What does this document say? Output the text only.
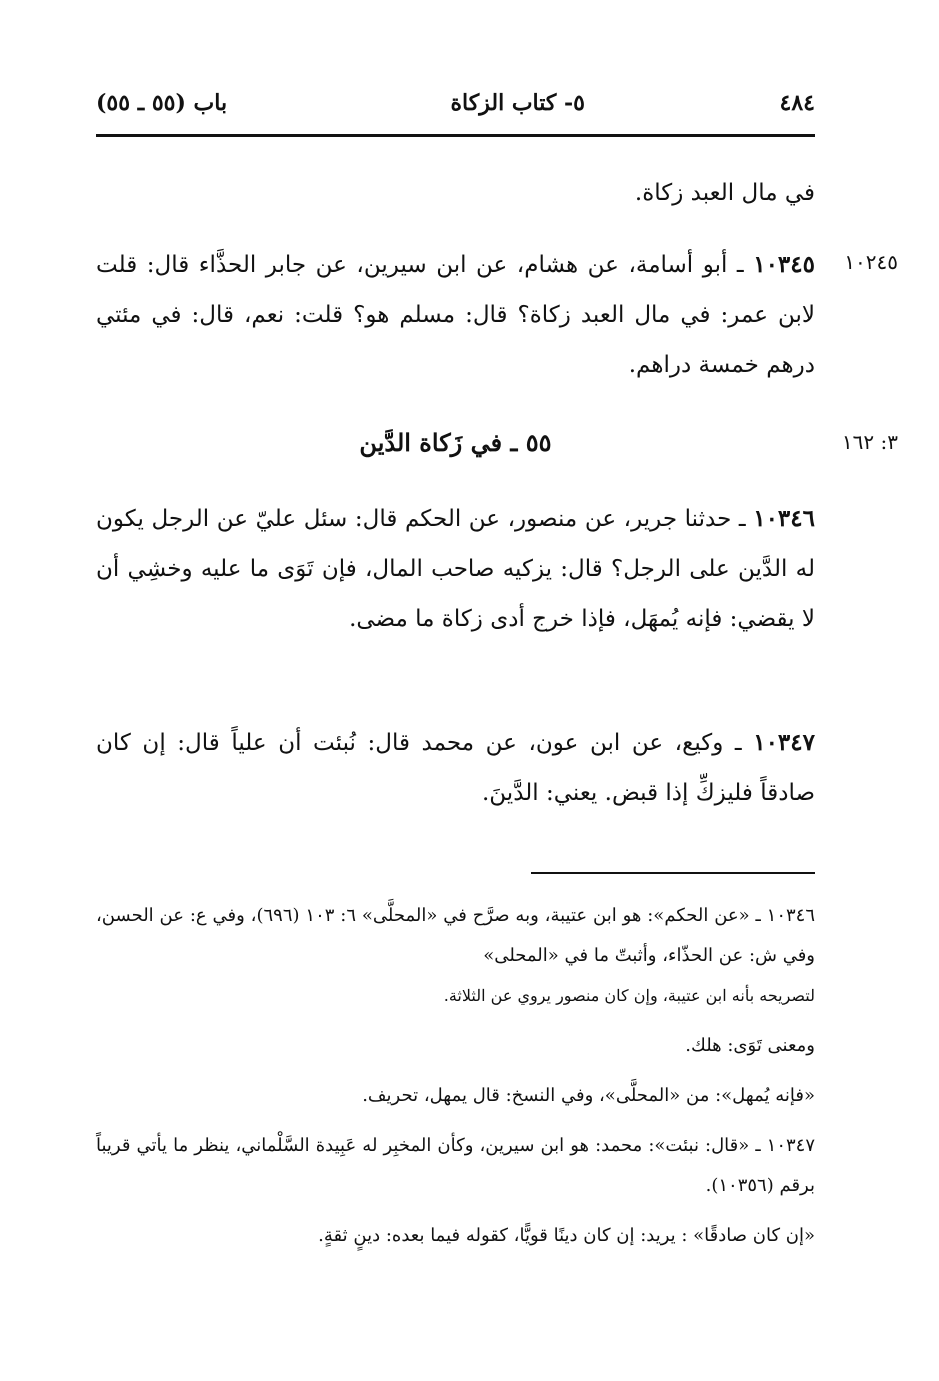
٤٨٤
٥- كتاب الزكاة
باب (٥٥ ـ ٥٥)

في مال العبد زكاة.

١٠٢٤٥

١٠٣٤٥ ـ أبو أسامة، عن هشام، عن ابن سيرين، عن جابر الحذَّاء قال: قلت لابن عمر: في مال العبد زكاة؟ قال: مسلم هو؟ قلت: نعم، قال: في مئتي درهم خمسة دراهم.

٣: ١٦٢
٥٥ ـ في زَكاة الدَّين

١٠٣٤٦ ـ حدثنا جرير، عن منصور، عن الحكم قال: سئل عليّ عن الرجل يكون له الدَّين على الرجل؟ قال: يزكيه صاحب المال، فإن تَوَى ما عليه وخشِي أن لا يقضي: فإنه يُمهَل، فإذا خرج أدى زكاة ما مضى.

١٠٣٤٧ ـ وكيع، عن ابن عون، عن محمد قال: نُبئت أن علياً قال: إن كان صادقاً فليزكِّ إذا قبض. يعني: الدَّينَ.

١٠٣٤٦ ـ «عن الحكم»: هو ابن عتيبة، وبه صرَّح في «المحلَّى» ٦: ١٠٣ (٦٩٦)، وفي ع: عن الحسن، وفي ش: عن الحذّاء، وأثبتّ ما في «المحلى»

لتصريحه بأنه ابن عتيبة، وإن كان منصور يروي عن الثلاثة.

ومعنى تَوَى: هلك.

«فإنه يُمهل»: من «المحلَّى»، وفي النسخ: قال يمهل، تحريف.

١٠٣٤٧ ـ «قال: نبئت»: محمد: هو ابن سيرين، وكأن المخبِر له عَبِيدة السَّلْماني، ينظر ما يأتي قريباً برقم (١٠٣٥٦).

«إن كان صادقًا» : يريد: إن كان دينًا قويًّا، كقوله فيما بعده: دينٍ ثقةٍ.
